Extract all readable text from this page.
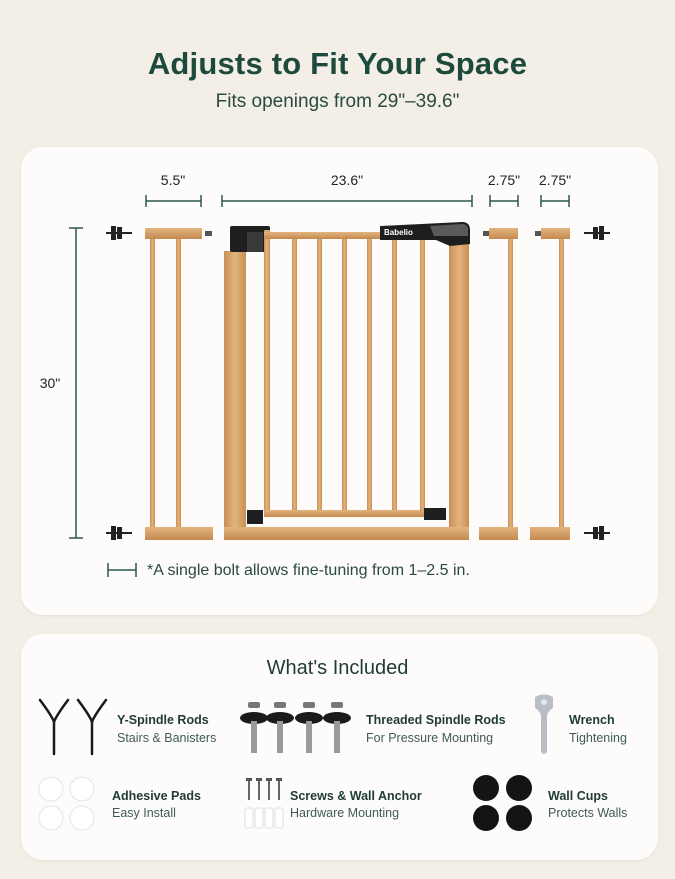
Adjusts to Fit Your Space
Fits openings from 29"–39.6"
Babelio
5.5"	23.6"	2.75"	2.75"
30"
*A single bolt allows fine-tuning from 1–2.5 in.
What's Included
Y-Spindle Rods
Stairs & Banisters
Threaded Spindle Rods
For Pressure Mounting
Wrench
Tightening
Adhesive Pads
Easy Install
Screws & Wall Anchor
Hardware Mounting
Wall Cups
Protects Walls
